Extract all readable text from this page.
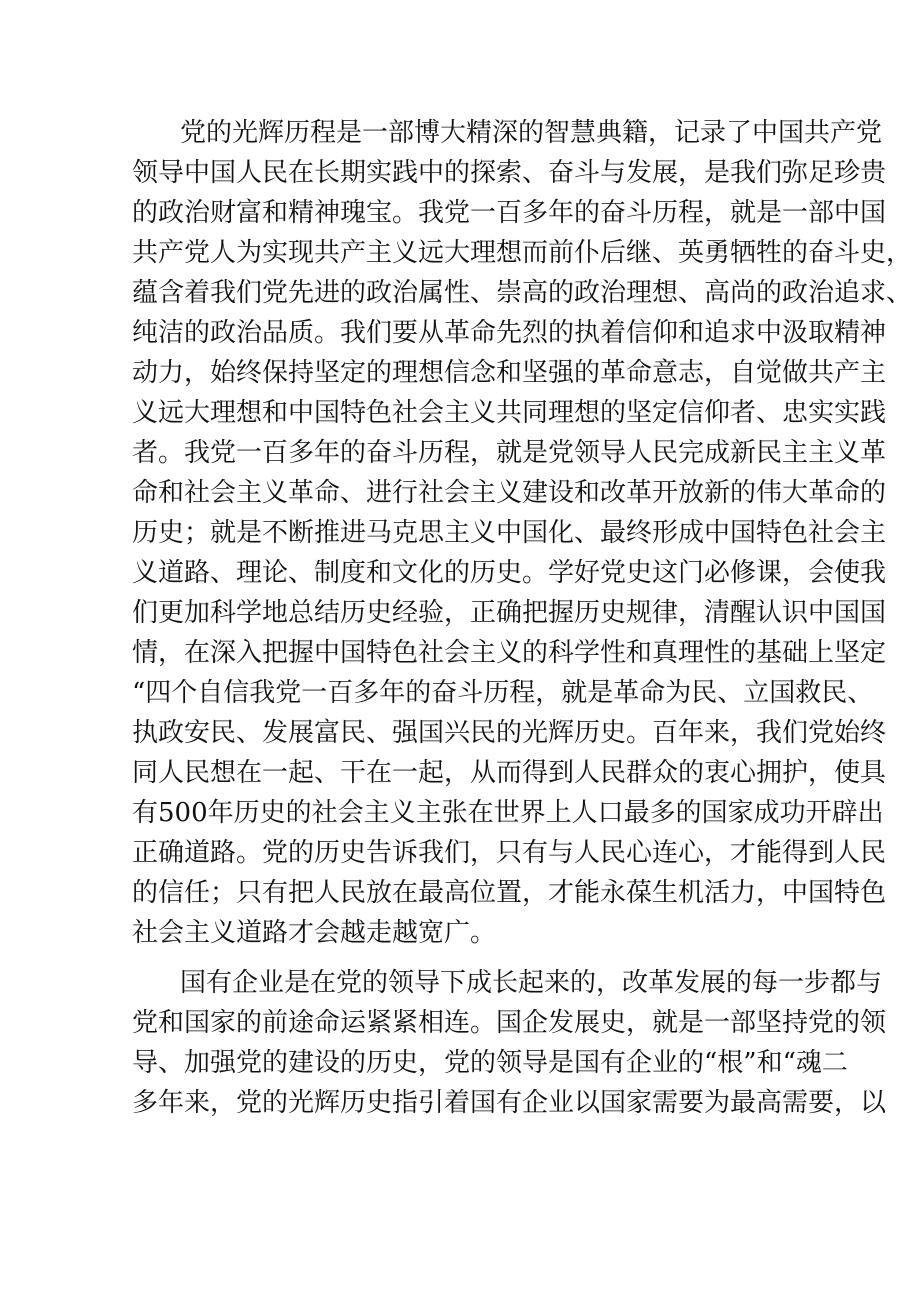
党的光辉历程是一部博大精深的智慧典籍，记录了中国共产党
领导中国人民在长期实践中的探索、奋斗与发展，是我们弥足珍贵
的政治财富和精神瑰宝。我党一百多年的奋斗历程，就是一部中国
共产党人为实现共产主义远大理想而前仆后继、英勇牺牲的奋斗史，
蕴含着我们党先进的政治属性、崇高的政治理想、高尚的政治追求、
纯洁的政治品质。我们要从革命先烈的执着信仰和追求中汲取精神
动力，始终保持坚定的理想信念和坚强的革命意志，自觉做共产主
义远大理想和中国特色社会主义共同理想的坚定信仰者、忠实实践
者。我党一百多年的奋斗历程，就是党领导人民完成新民主主义革
命和社会主义革命、进行社会主义建设和改革开放新的伟大革命的
历史；就是不断推进马克思主义中国化、最终形成中国特色社会主
义道路、理论、制度和文化的历史。学好党史这门必修课，会使我
们更加科学地总结历史经验，正确把握历史规律，清醒认识中国国
情，在深入把握中国特色社会主义的科学性和真理性的基础上坚定
“四个自信我党一百多年的奋斗历程，就是革命为民、立国救民、
执政安民、发展富民、强国兴民的光辉历史。百年来，我们党始终
同人民想在一起、干在一起，从而得到人民群众的衷心拥护，使具
有500年历史的社会主义主张在世界上人口最多的国家成功开辟出
正确道路。党的历史告诉我们，只有与人民心连心，才能得到人民
的信任；只有把人民放在最高位置，才能永葆生机活力，中国特色
社会主义道路才会越走越宽广。
国有企业是在党的领导下成长起来的，改革发展的每一步都与
党和国家的前途命运紧紧相连。国企发展史，就是一部坚持党的领
导、加强党的建设的历史，党的领导是国有企业的“根”和“魂二
多年来，党的光辉历史指引着国有企业以国家需要为最高需要，以
